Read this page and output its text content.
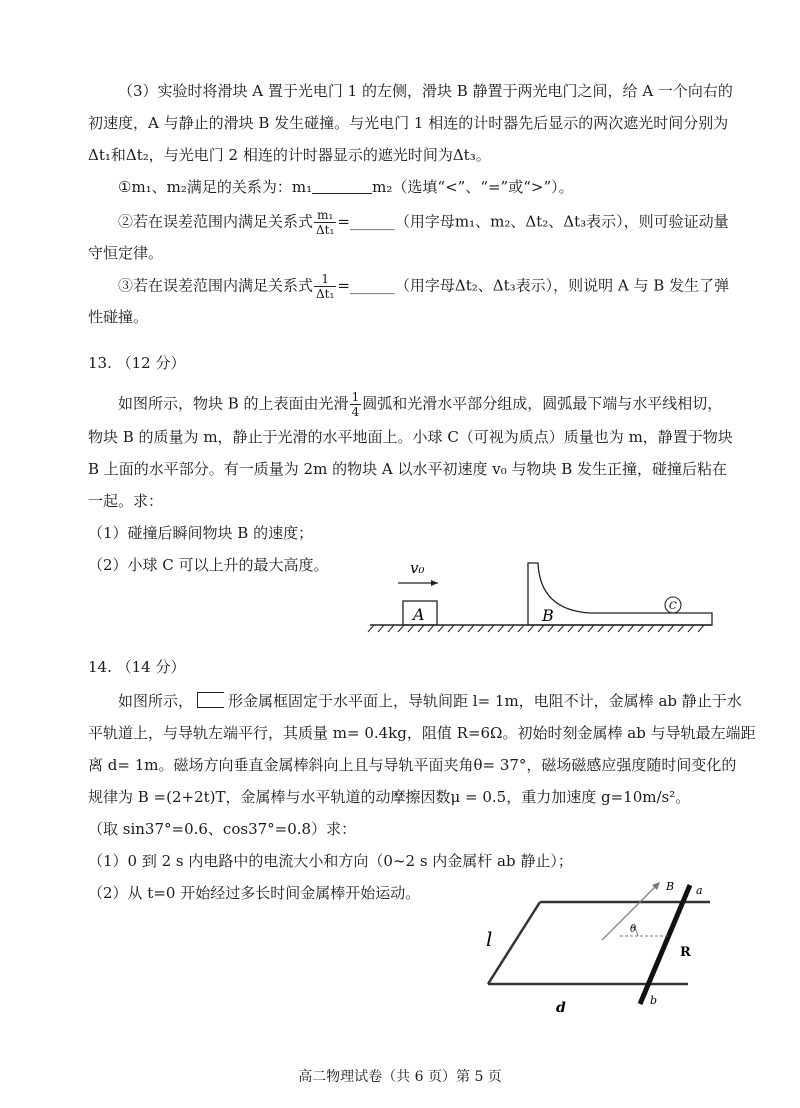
（3）实验时将滑块 A 置于光电门 1 的左侧，滑块 B 静置于两光电门之间，给 A 一个向右的
初速度，A 与静止的滑块 B 发生碰撞。与光电门 1 相连的计时器先后显示的两次遮光时间分别为
Δt₁和Δt₂，与光电门 2 相连的计时器显示的遮光时间为Δt₃。
①m₁、m₂满足的关系为：m₁	m₂（选填“<”、“=”或“>”）。
②若在误差范围内满足关系式 $\frac{\text{m₁}}{\text{Δt₁}}$ =______（用字母m₁、m₂、Δt₂、Δt₃表示），则可验证动量
守恒定律。
③若在误差范围内满足关系式 $\frac{1}{\text{Δt₁}}$ =______（用字母Δt₂、Δt₃表示），则说明 A 与 B 发生了弹
性碰撞。
13. （12 分）
如图所示，物块 B 的上表面由光滑 $\frac{1}{4}$ 圆弧和光滑水平部分组成，圆弧最下端与水平线相切，
物块 B 的质量为 m，静止于光滑的水平地面上。小球 C（可视为质点）质量也为 m，静置于物块
B 上面的水平部分。有一质量为 2m 的物块 A 以水平初速度 v₀ 与物块 B 发生正撞，碰撞后粘在
一起。求：
（1）碰撞后瞬间物块 B 的速度；
（2）小球 C 可以上升的最大高度。	v₀
A	B	C
14. （14 分）
如图所示， 形金属框固定于水平面上，导轨间距 l= 1m，电阻不计，金属棒 ab 静止于水
平轨道上，与导轨左端平行，其质量 m= 0.4kg，阻值 R=6Ω。初始时刻金属棒 ab 与导轨最左端距
离 d= 1m。磁场方向垂直金属棒斜向上且与导轨平面夹角θ= 37°，磁场磁感应强度随时间变化的
规律为 B =(2+2t)T，金属棒与水平轨道的动摩擦因数μ = 0.5，重力加速度 g=10m/s²。
（取 sin37°=0.6、cos37°=0.8）求：
（1）0 到 2 s 内电路中的电流大小和方向（0~2 s 内金属杆 ab 静止）；
（2）从 t=0 开始经过多长时间金属棒开始运动。	a
b
B
θ
l
R
d
高二物理试卷（共 6 页）第 5 页
